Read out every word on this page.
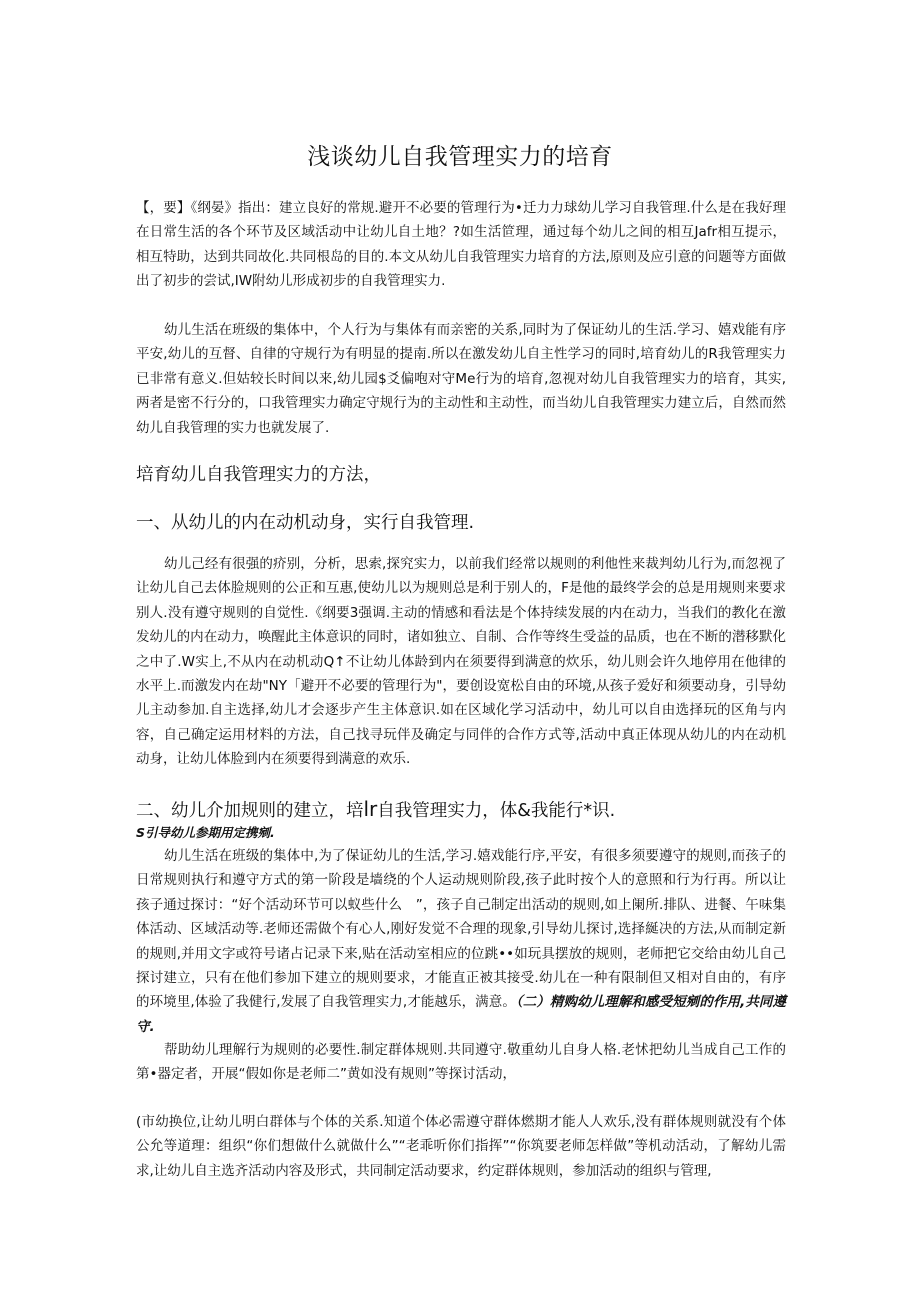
浅谈幼儿自我管理实力的培育
【，要】《纲晏》指出：建立良好的常规.避开不必要的管理行为•迁力力球幼儿学习自我管理.什么是在我好理在日常生活的各个环节及区域活动中让幼儿自土地？?如生活笸理，通过每个幼儿之间的相互Jafr相互提示，相互特助，达到共同故化.共同根岛的目的.本文从幼儿自我管理实力培育的方法,原则及应引意的问题等方面做出了初步的尝试,IW附幼儿形成初步的自我管理实力.
幼儿生活在班级的集体中，个人行为与集体有而亲密的关系,同时为了保证幼儿的生活.学习、嬉戏能有序平安,幼儿的互督、自律的守规行为有明显的提南.所以在激发幼儿自主性学习的同时,培育幼儿的R我管理实力已非常有意义.但姑较长时间以来,幼儿园$爻偏咆对守Me行为的培育,忽视对幼儿自我管理实力的培育，其实,两者是密不行分的，口我管理实力确定守规行为的主动性和主动性，而当幼儿自我管理实力建立后，自然而然幼儿自我管理的实力也就发展了.
培育幼儿自我管理实力的方法，
一、从幼儿的内在动机动身，实行自我管理.
幼儿己经有很强的疥别，分析，思索,探究实力，以前我们经常以规则的利他性来裁判幼儿行为,而忽视了让幼儿自己去体脸规则的公正和互惠,使幼儿以为规则总是利于别人的，F是他的最终学会的总是用规则来要求别人.没有遵守规则的自觉性.《纲要3强调.主动的情感和看法是个体持续发展的内在动力，当我们的教化在激发幼儿的内在动力，唤醒此主体意识的同时，诸如独立、自制、合作等终生受益的品质，也在不断的潜移默化之中了.W实上,不从内在动机动Q↑不让幼儿体龄到内在须要得到满意的炊乐，幼儿则会许久地停用在他律的水平上.而激发内在劫"NY「避开不必要的管理行为"，要创设宽松自由的环境,从孩子爱好和须要动身，引导幼儿主动参加.自主选择,幼儿才会逐步产生主体意识.如在区域化学习活动中，幼儿可以自由选择玩的区角与内容，自己确定运用材料的方法，自己找寻玩伴及确定与同伴的合作方式等,活动中真正体现从幼儿的内在动机动身，让幼儿体脸到内在须要得到满意的欢乐.
二、幼儿介加规则的建立，培lr自我管理实力，体&我能行*识.
S引导幼儿参期用定携剜.
幼儿生活在班级的集体中,为了保证幼儿的生活,学习.嬉戏能行序,平安，有很多须要遵守的规则,而孩子的日常规则执行和遵守方式的第一阶段是墙绕的个人运动规则阶段,孩子此时按个人的意照和行为行再。所以让孩子通过探讨：“好个活动环节可以蚁些什么　”，孩子自己制定出活动的规则,如上阑所.排队、进餐、午味集体活动、区域活动等.老师还需做个有心人,刚好发觉不合理的现象,引导幼儿探讨,选择綖决的方法,从而制定新的规则,并用文字或符号诸占记录下来,贴在活动室相应的位跳••如玩具摆放的规则，老师把它交给由幼儿自己探讨建立，只有在他们参加下建立的规则要求，才能直正被其接受.幼儿在一种有限制但又相对自由的，有序的环境里,体验了我健行,发展了自我管理实力,才能越乐，满意。（二）精购幼儿理解和感受短剜的作用,共同遵守.
帮助幼儿理解行为规则的必要性.制定群体规则.共同遵守.敬重幼儿自身人格.老怵把幼儿当成自己工作的第•器定者，开展“假如你是老师二”黄如没有规则”等探讨活动，
(市幼换位,让幼儿明白群体与个体的关系.知道个体必需遵守群体燃期才能人人欢乐,没有群体规则就没有个体公允等道理：组织“你们想做什么就做什么”“老乖听你们指挥”“你筑要老师怎样做”等机动活动，了解幼儿需求,让幼儿自主选齐活动内容及形式，共同制定活动要求，约定群体规则，参加活动的组织与管理,
